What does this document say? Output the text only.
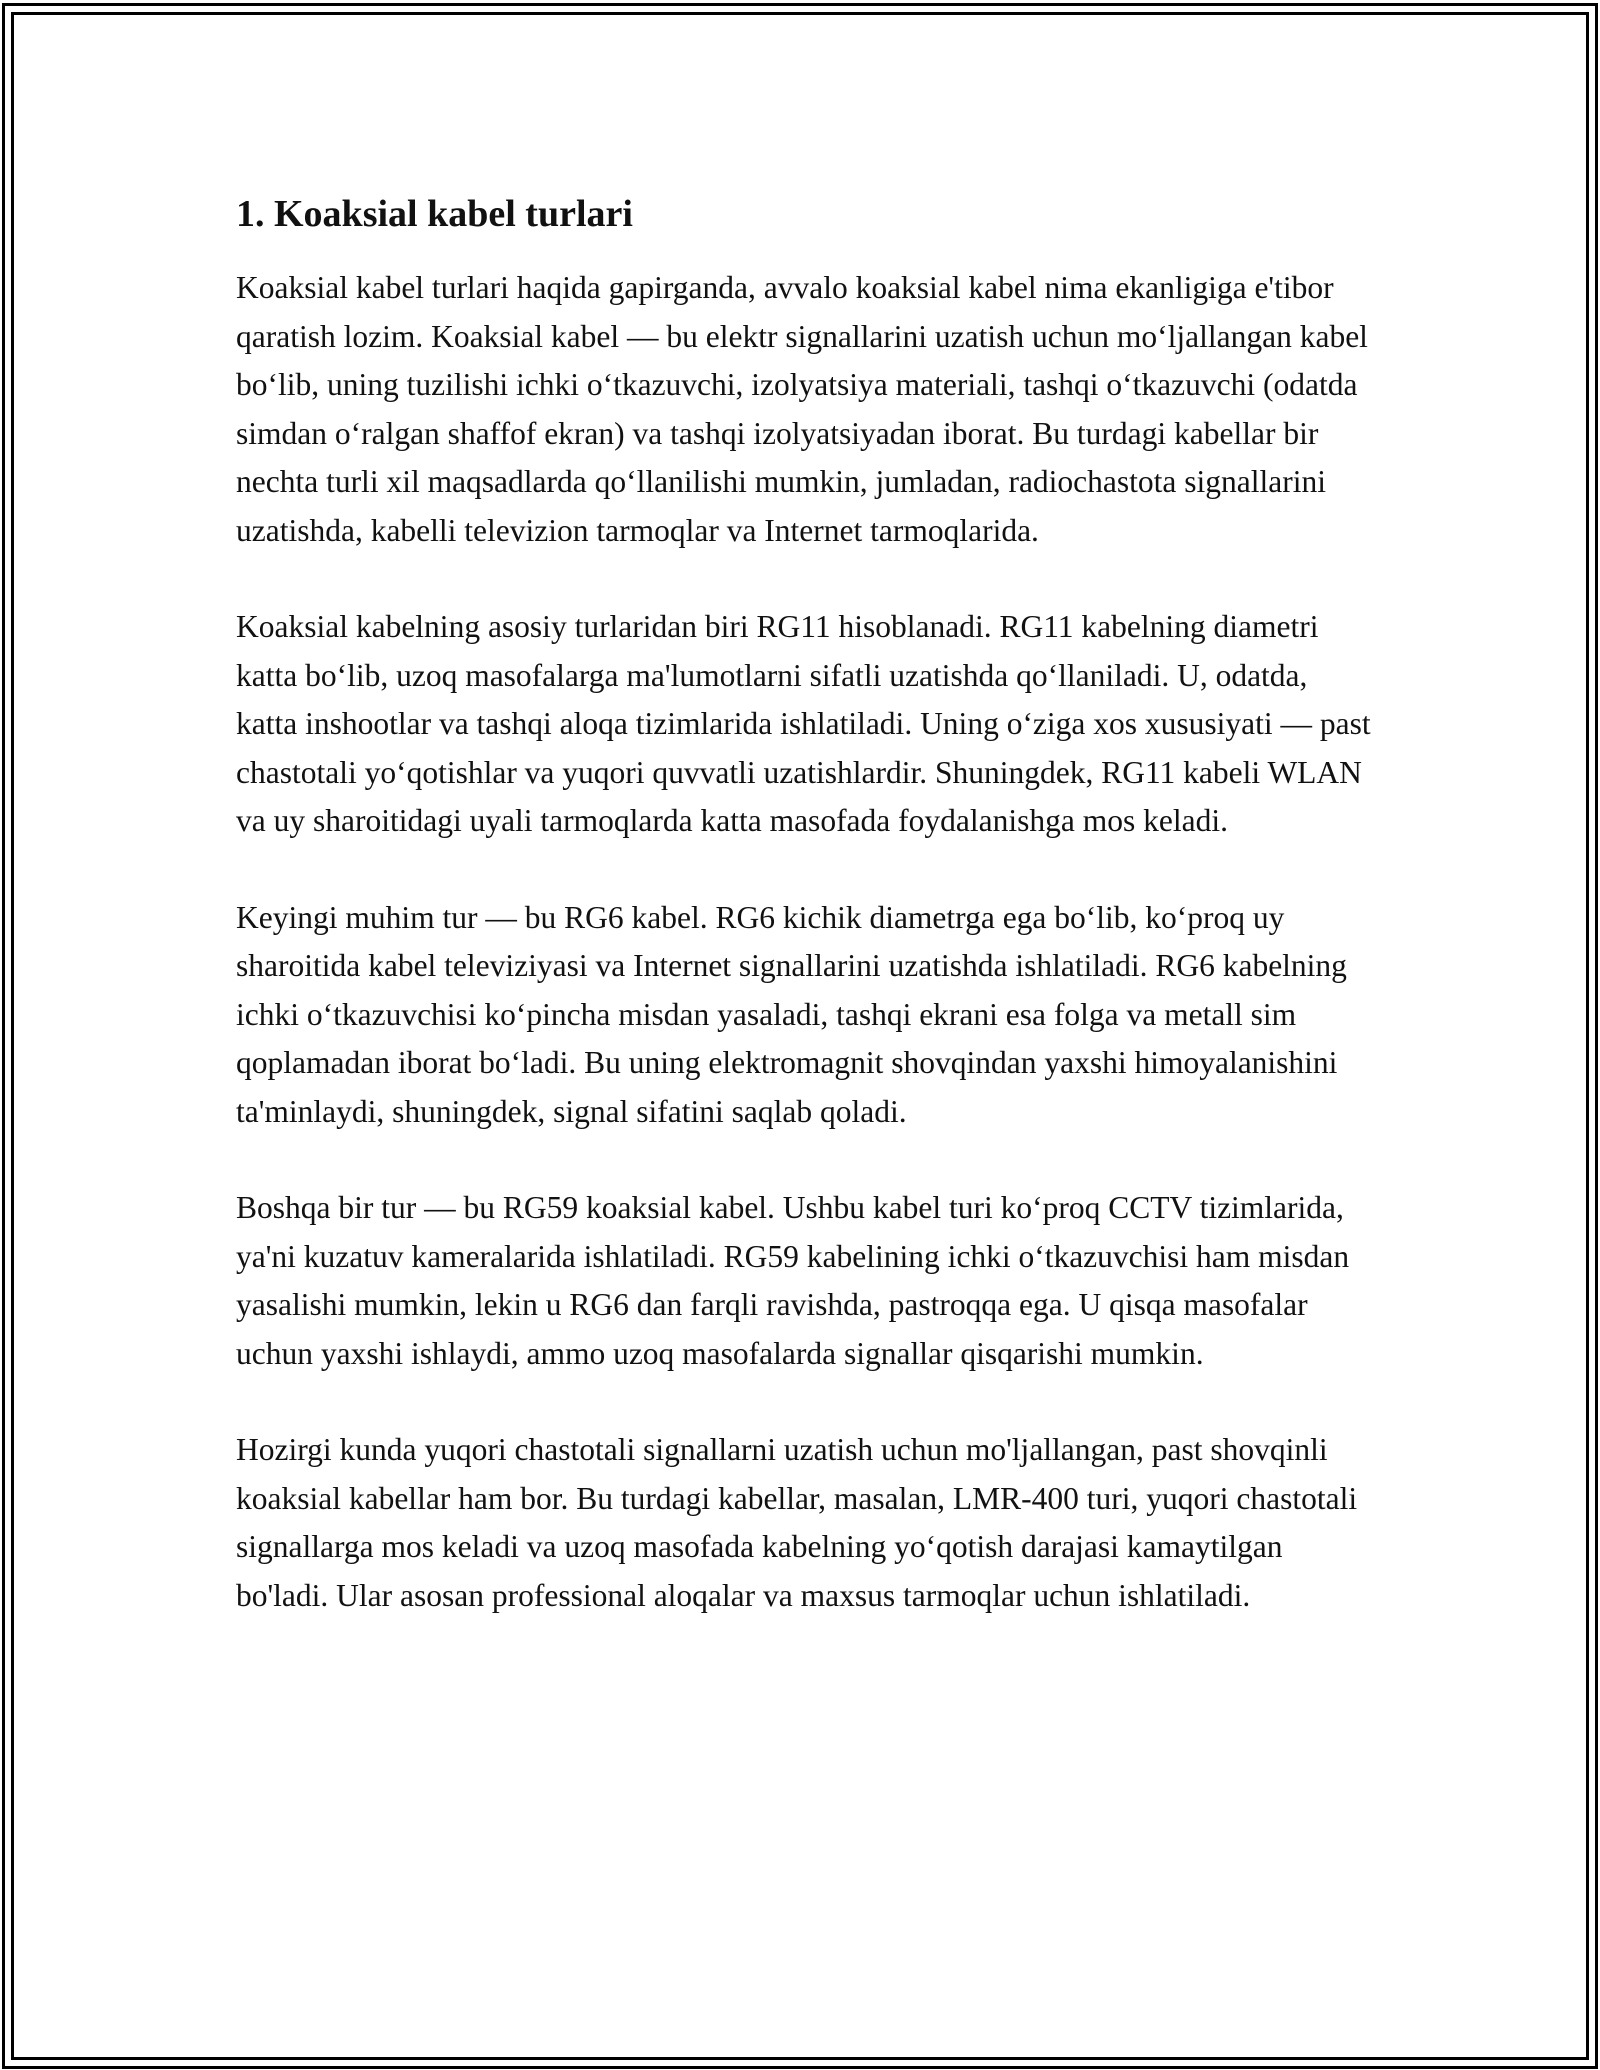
1. Koaksial kabel turlari

Koaksial kabel turlari haqida gapirganda, avvalo koaksial kabel nima ekanligiga e'tibor qaratish lozim. Koaksial kabel — bu elektr signallarini uzatish uchun mo‘ljallangan kabel bo‘lib, uning tuzilishi ichki o‘tkazuvchi, izolyatsiya materiali, tashqi o‘tkazuvchi (odatda simdan o‘ralgan shaffof ekran) va tashqi izolyatsiyadan iborat. Bu turdagi kabellar bir nechta turli xil maqsadlarda qo‘llanilishi mumkin, jumladan, radiochastota signallarini uzatishda, kabelli televizion tarmoqlar va Internet tarmoqlarida.

Koaksial kabelning asosiy turlaridan biri RG11 hisoblanadi. RG11 kabelning diametri katta bo‘lib, uzoq masofalarga ma'lumotlarni sifatli uzatishda qo‘llaniladi. U, odatda, katta inshootlar va tashqi aloqa tizimlarida ishlatiladi. Uning o‘ziga xos xususiyati — past chastotali yo‘qotishlar va yuqori quvvatli uzatishlardir. Shuningdek, RG11 kabeli WLAN va uy sharoitidagi uyali tarmoqlarda katta masofada foydalanishga mos keladi.

Keyingi muhim tur — bu RG6 kabel. RG6 kichik diametrga ega bo‘lib, ko‘proq uy sharoitida kabel televiziyasi va Internet signallarini uzatishda ishlatiladi. RG6 kabelning ichki o‘tkazuvchisi ko‘pincha misdan yasaladi, tashqi ekrani esa folga va metall sim qoplamadan iborat bo‘ladi. Bu uning elektromagnit shovqindan yaxshi himoyalanishini ta'minlaydi, shuningdek, signal sifatini saqlab qoladi.

Boshqa bir tur — bu RG59 koaksial kabel. Ushbu kabel turi ko‘proq CCTV tizimlarida, ya'ni kuzatuv kameralarida ishlatiladi. RG59 kabelining ichki o‘tkazuvchisi ham misdan yasalishi mumkin, lekin u RG6 dan farqli ravishda, pastroqqa ega. U qisqa masofalar uchun yaxshi ishlaydi, ammo uzoq masofalarda signallar qisqarishi mumkin.

Hozirgi kunda yuqori chastotali signallarni uzatish uchun mo'ljallangan, past shovqinli koaksial kabellar ham bor. Bu turdagi kabellar, masalan, LMR-400 turi, yuqori chastotali signallarga mos keladi va uzoq masofada kabelning yo‘qotish darajasi kamaytilgan bo'ladi. Ular asosan professional aloqalar va maxsus tarmoqlar uchun ishlatiladi.
